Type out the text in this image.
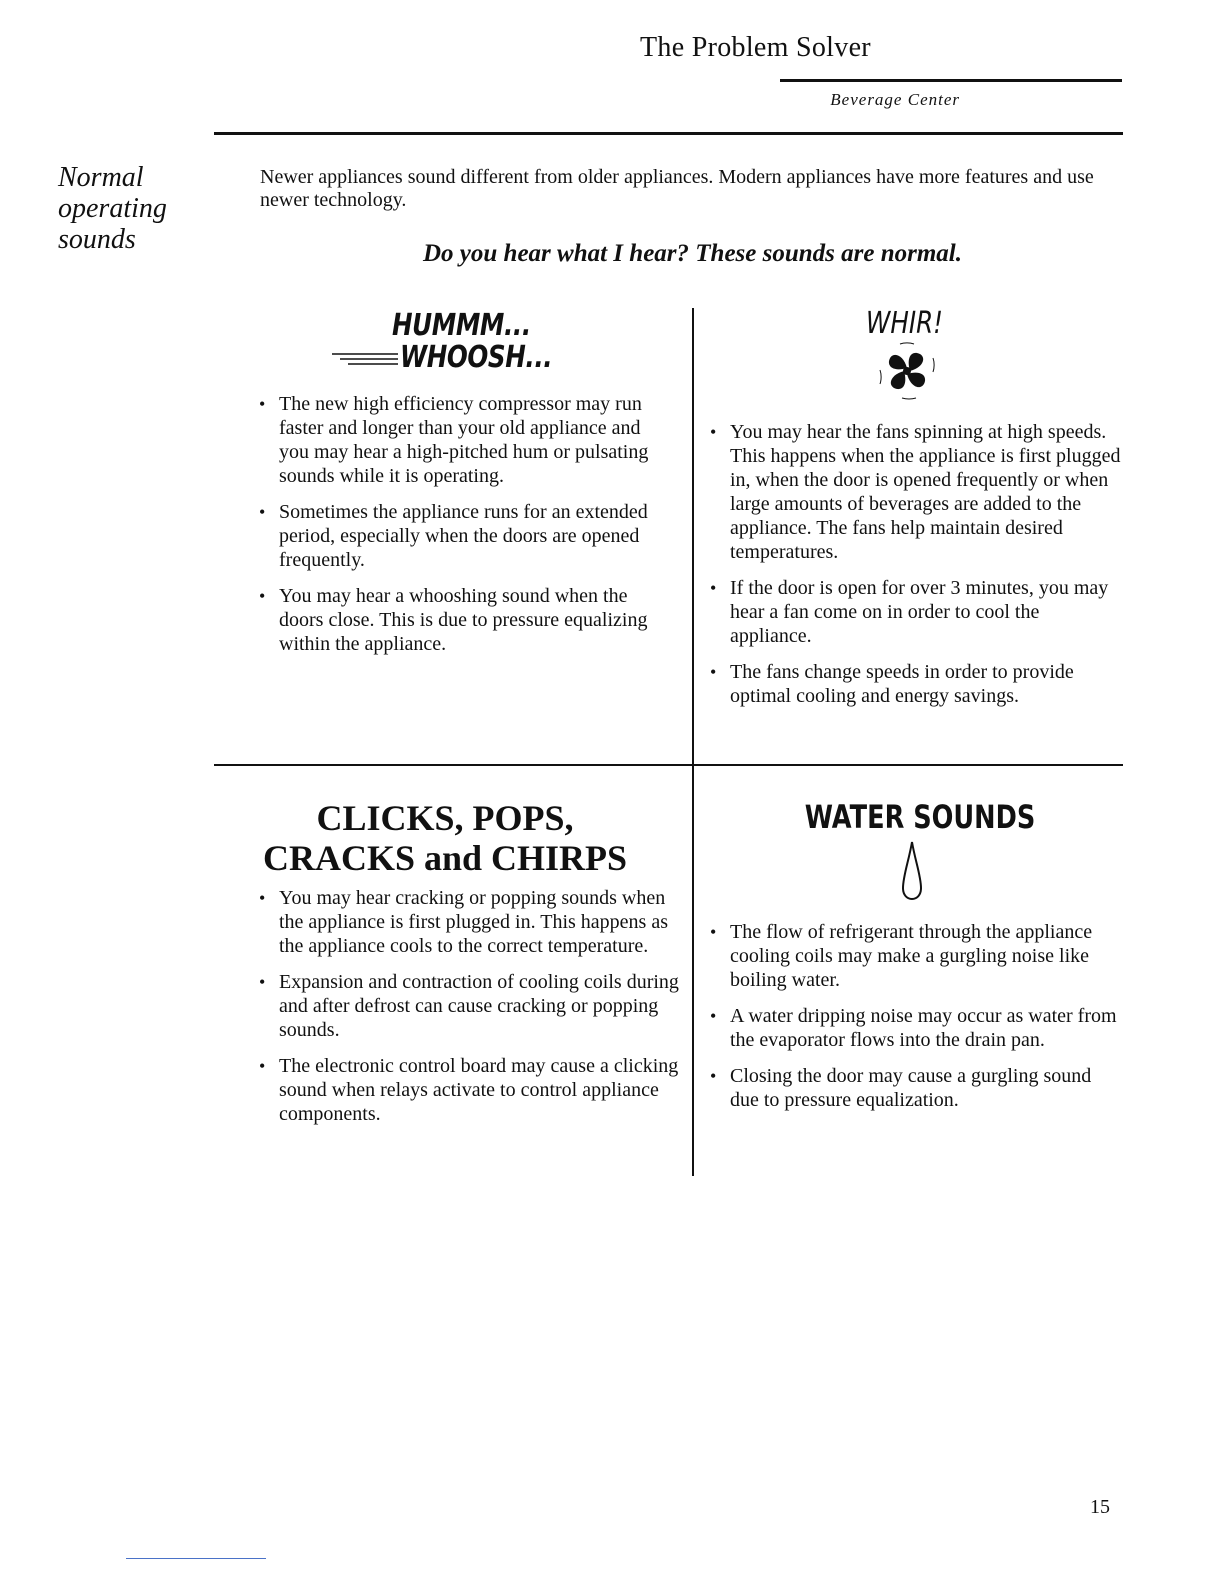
The Problem Solver
Beverage Center
Normal
operating
sounds
Newer appliances sound different from older appliances. Modern appliances have more features and use newer technology.
Do you hear what I hear? These sounds are normal.
HUMMM...
WHOOSH...
• The new high efficiency compressor may run faster and longer than your old appliance and you may hear a high-pitched hum or pulsating sounds while it is operating.
• Sometimes the appliance runs for an extended period, especially when the doors are opened frequently.
• You may hear a whooshing sound when the doors close. This is due to pressure equalizing within the appliance.
WHIR!
• You may hear the fans spinning at high speeds. This happens when the appliance is first plugged in, when the door is opened frequently or when large amounts of beverages are added to the appliance. The fans help maintain desired temperatures.
• If the door is open for over 3 minutes, you may hear a fan come on in order to cool the appliance.
• The fans change speeds in order to provide optimal cooling and energy savings.
CLICKS, POPS,
CRACKS and CHIRPS
• You may hear cracking or popping sounds when the appliance is first plugged in. This happens as the appliance cools to the correct temperature.
• Expansion and contraction of cooling coils during and after defrost can cause cracking or popping sounds.
• The electronic control board may cause a clicking sound when relays activate to control appliance components.
WATER SOUNDS
• The flow of refrigerant through the appliance cooling coils may make a gurgling noise like boiling water.
• A water dripping noise may occur as water from the evaporator flows into the drain pan.
• Closing the door may cause a gurgling sound due to pressure equalization.
15
